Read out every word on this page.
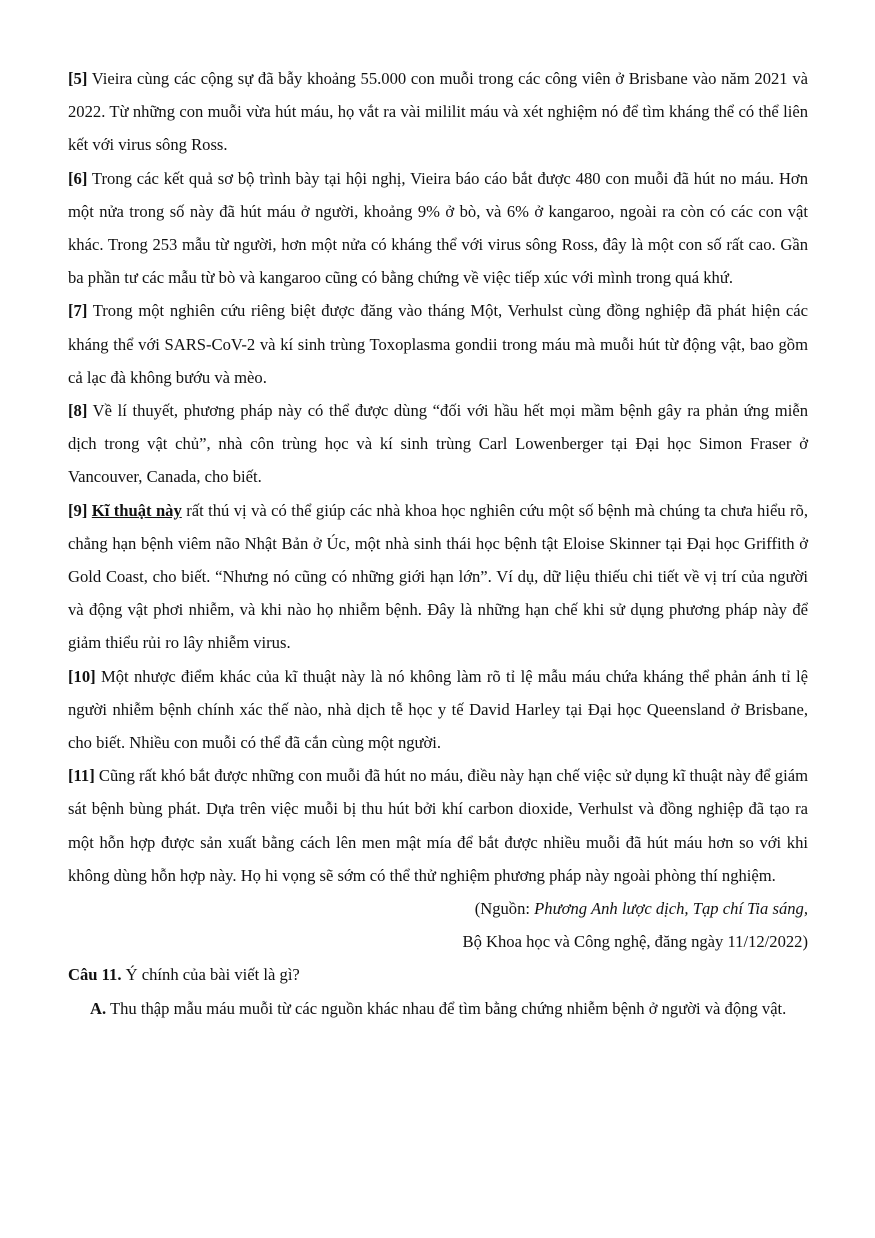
[5] Vieira cùng các cộng sự đã bẫy khoảng 55.000 con muỗi trong các công viên ở Brisbane vào năm 2021 và 2022. Từ những con muỗi vừa hút máu, họ vắt ra vài mililit máu và xét nghiệm nó để tìm kháng thể có thể liên kết với virus sông Ross.

[6] Trong các kết quả sơ bộ trình bày tại hội nghị, Vieira báo cáo bắt được 480 con muỗi đã hút no máu. Hơn một nửa trong số này đã hút máu ở người, khoảng 9% ở bò, và 6% ở kangaroo, ngoài ra còn có các con vật khác. Trong 253 mẫu từ người, hơn một nửa có kháng thể với virus sông Ross, đây là một con số rất cao. Gần ba phần tư các mẫu từ bò và kangaroo cũng có bằng chứng về việc tiếp xúc với mình trong quá khứ.

[7] Trong một nghiên cứu riêng biệt được đăng vào tháng Một, Verhulst cùng đồng nghiệp đã phát hiện các kháng thể với SARS-CoV-2 và kí sinh trùng Toxoplasma gondii trong máu mà muỗi hút từ động vật, bao gồm cả lạc đà không bướu và mèo.

[8] Về lí thuyết, phương pháp này có thể được dùng “đối với hầu hết mọi mầm bệnh gây ra phản ứng miễn dịch trong vật chủ”, nhà côn trùng học và kí sinh trùng Carl Lowenberger tại Đại học Simon Fraser ở Vancouver, Canada, cho biết.

[9] Kĩ thuật này rất thú vị và có thể giúp các nhà khoa học nghiên cứu một số bệnh mà chúng ta chưa hiểu rõ, chẳng hạn bệnh viêm não Nhật Bản ở Úc, một nhà sinh thái học bệnh tật Eloise Skinner tại Đại học Griffith ở Gold Coast, cho biết. “Nhưng nó cũng có những giới hạn lớn”. Ví dụ, dữ liệu thiếu chi tiết về vị trí của người và động vật phơi nhiễm, và khi nào họ nhiễm bệnh. Đây là những hạn chế khi sử dụng phương pháp này để giảm thiểu rủi ro lây nhiễm virus.

[10] Một nhược điểm khác của kĩ thuật này là nó không làm rõ tỉ lệ mẫu máu chứa kháng thể phản ánh tỉ lệ người nhiễm bệnh chính xác thế nào, nhà dịch tễ học y tế David Harley tại Đại học Queensland ở Brisbane, cho biết. Nhiều con muỗi có thể đã cắn cùng một người.

[11] Cũng rất khó bắt được những con muỗi đã hút no máu, điều này hạn chế việc sử dụng kĩ thuật này để giám sát bệnh bùng phát. Dựa trên việc muỗi bị thu hút bởi khí carbon dioxide, Verhulst và đồng nghiệp đã tạo ra một hỗn hợp được sản xuất bằng cách lên men mật mía để bắt được nhiều muỗi đã hút máu hơn so với khi không dùng hỗn hợp này. Họ hi vọng sẽ sớm có thể thử nghiệm phương pháp này ngoài phòng thí nghiệm.

(Nguồn: Phương Anh lược dịch, Tạp chí Tia sáng,

Bộ Khoa học và Công nghệ, đăng ngày 11/12/2022)

Câu 11. Ý chính của bài viết là gì?

A. Thu thập mẫu máu muỗi từ các nguồn khác nhau để tìm bằng chứng nhiễm bệnh ở người và động vật.
